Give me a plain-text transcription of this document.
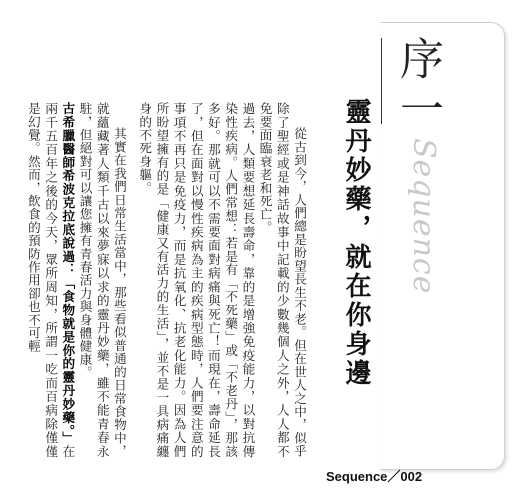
序一
Sequence
靈丹妙藥，就在你身邊

從古到今，人們總是盼望長生不老。但在世人之中，似乎除了聖經或是神話故事中記載的少數幾個人之外，人人都不免要面臨衰老和死亡。
過去，人類要想延長壽命，靠的是增強免疫能力，以對抗傳染性疾病。人們常想：若是有「不死藥」或「不老丹」，那該多好。那就可以不需要面對病痛與死亡！而現在，壽命延長了，但在面對以慢性疾病為主的疾病型態時，人們要注意的事項不再只是免疫力，而是抗氧化、抗老化能力。因為人們所盼望擁有的是「健康又有活力的生活」，並不是一具病痛纏身的不死身軀。

其實在我們日常生活當中，那些看似普通的日常食物中，就蘊藏著人類千古以來夢寐以求的靈丹妙藥，雖不能青春永駐，但絕對可以讓您擁有青春活力與身體健康。
古希臘醫師希波克拉底說過：「食物就是你的靈丹妙藥。」在兩千五百年之後的今天，眾所周知，所謂一吃而百病除僅僅是幻覺。然而，飲食的預防作用卻也不可輕

Sequence／002
